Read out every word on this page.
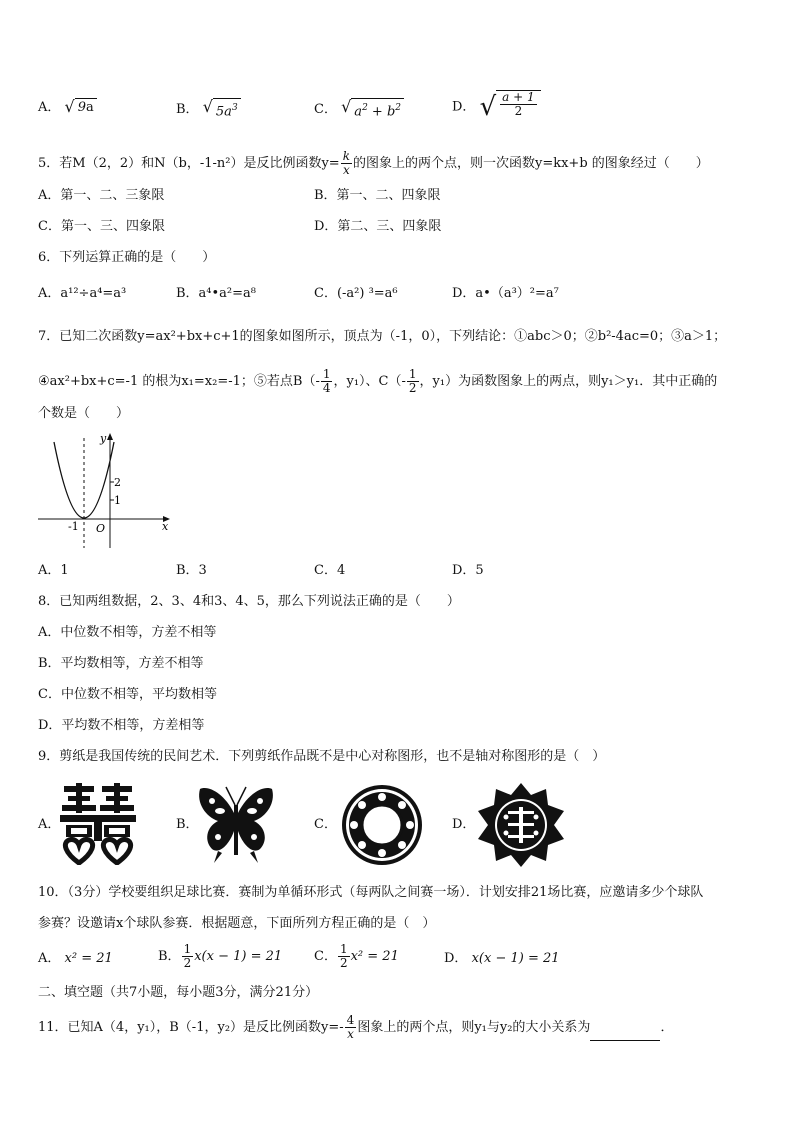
A． √ 9a	B． √ $5a^3$	C． √ $a^2 + b^2$	D． √ $\frac{a + 1}{2}$
5．若M（2，2）和N（b，-1-n²）是反比例函数$y= \frac{k}{x}$ 的图象上的两个点，则一次函数y=kx+b 的图象经过（　　）
A．第一、二、三象限	B．第一、二、四象限
C．第一、三、四象限	D．第二、三、四象限
6．下列运算正确的是（　　）
A．a¹²÷a⁴=a³	B．a⁴•a²=a⁸	C．(-a²) ³=a⁶	D．a•（a³）²=a⁷
7．已知二次函数y=ax²+bx+c+1的图象如图所示，顶点为（-1，0），下列结论：①abc＞0；②b²-4ac=0；③a＞1；
④ax²+bx+c=-1 的根为x₁=x₂=-1；⑤若点$B(- \frac{1}{4}$ ，y₁）、$C(- \frac{1}{2}$ ，y₁）为函数图象上的两点，则y₁＞y₁．其中正确的
个数是（　　）
y
x
O
-1
2
1
A．1	B．3	C．4	D．5
8．已知两组数据，2、3、4和3、4、5，那么下列说法正确的是（　　）
A．中位数不相等，方差不相等
B．平均数相等，方差不相等
C．中位数不相等，平均数相等
D．平均数不相等，方差相等
9．剪纸是我国传统的民间艺术．下列剪纸作品既不是中心对称图形，也不是轴对称图形的是（　）
A．	B．	C．	D．
10．（3分）学校要组织足球比赛．赛制为单循环形式（每两队之间赛一场）．计划安排21场比赛，应邀请多少个球队
参赛？设邀请x个球队参赛．根据题意，下面所列方程正确的是（　）
A． x² = 21	B． $\frac{1}{2} x(x - 1) = 21$ C． $\frac{1}{2} x^2 = 21$	D． x(x − 1) = 21
二、填空题（共7小题，每小题3分，满分21分）
11．已知A（4，y₁），B（-1，y₂）是反比例函数$y=- \frac{4}{x}$ 图象上的两个点，则y₁与y₂的大小关系为	．
